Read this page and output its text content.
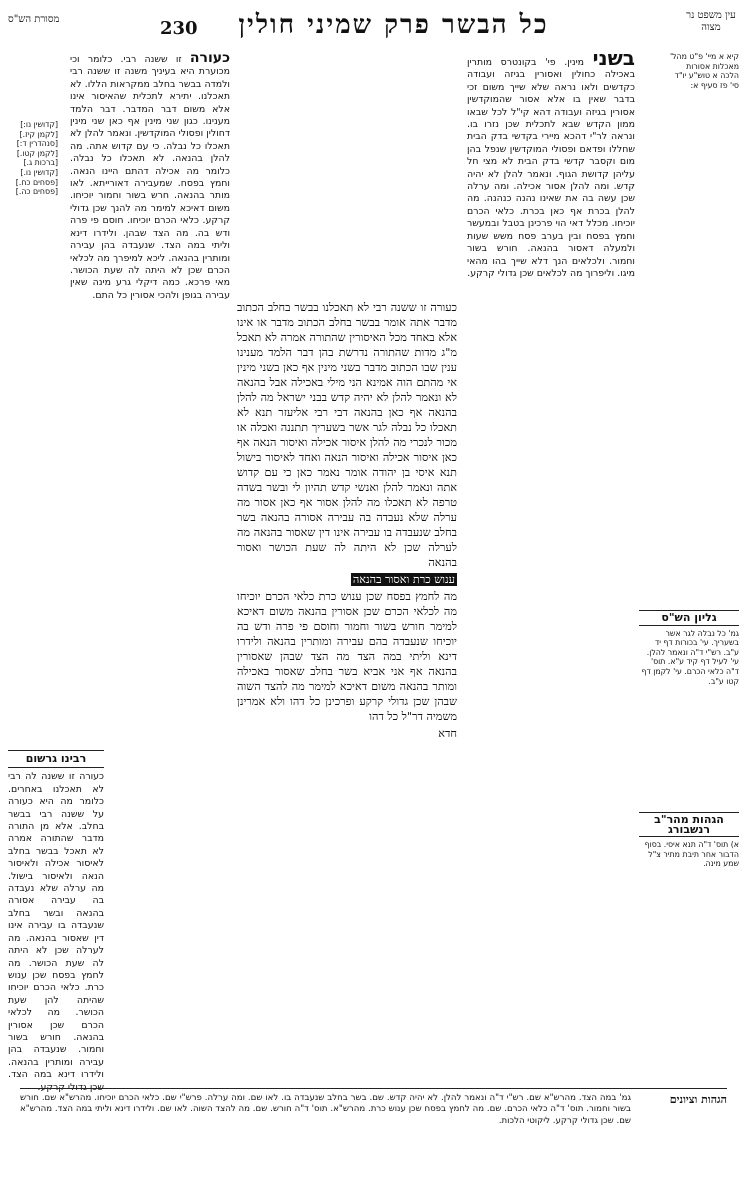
עין משפט נר מצוה
כל הבשר פרק שמיני חולין
230
מסורת הש"ס
קיא א מיי' פ"ט מהל' מאכלות אסורות הלכה א טוש"ע יו"ד סי' פז סעיף א:
גליון הש"ס
גמ' כל נבלה לגר אשר בשעריך. עי' בכורות דף יד ע"ב. רש"י ד"ה ונאמר להלן. עי' לעיל דף קיד ע"א. תוס' ד"ה כלאי הכרם. עי' לקמן דף קטו ע"ב.
הגהות מהר"ב רנשבורג
א) תוס' ד"ה תנא איסי. בסוף הדבור אחר תיבת מתיר צ"ל שמע מינה.
[קדושין נו:] [לקמן קיז.] [סנהדרין ד:] [לקמן קטו.] [ברכות ג.] [קדושין נו.] [פסחים כח.] [פסחים כה.]
בשני מינין. פי' בקונטרס מותרין באכילה כחולין ואסורין בגיזה ועבודה כקדשים ולאו נראה שלא שייך משום זכי בדבר שאין בו אלא אסור שהמוקדשין אסורין בגיזה ועבודה דהא קי"ל לכל שבאו ממון הקדש שבא לתכלית שכן נזרו בו. ונראה לר"י דהכא מיירי בקדשי בדק הבית שחללו ופדאם ופסולי המוקדשין שנפל בהן מום וקסבר קדשי בדק הבית לא מצי חל עליהן קדושת הגוף. ונאמר להלן לא יהיה קדש. ומה להלן אסור אכילה. ומה ערלה שכן עשה בה את שאינו נהנה כנהנה. מה להלן בכרת אף כאן בכרת. כלאי הכרם יוכיחו. מכלל דאי הוי פרכינן בטבל ובמעשר וחמץ בפסח ובין בערב פסח משש שעות ולמעלה דאסור בהנאה. חורש בשור וחמור. ולכלאים הנך דלא שייך בהו מהאי מיגו. וליפרוך מה לכלאים שכן גדולי קרקע.

כעורה זו ששנה רבי לא תאכלנו בבשר בחלב הכתוב מדבר אתה אומר בבשר בחלב הכתוב מדבר או אינו אלא באחד מכל האיסורין שהתורה אמרה לא תאכל מ"ג מדות שהתורה נדרשת בהן דבר הלמד מענינו ענין שבו הכתוב מדבר בשני מינין אף כאן בשני מינין אי מהתם הוה אמינא הני מילי באכילה אבל בהנאה לא ונאמר להלן לא יהיה קדש בבני ישראל מה להלן בהנאה אף כאן בהנאה דבי רבי אליעזר תנא לא תאכלו כל נבלה לגר אשר בשעריך תתננה ואכלה או מכור לנכרי מה להלן איסור אכילה ואיסור הנאה אף כאן איסור אכילה ואיסור הנאה ואחד לאיסור בישול תנא איסי בן יהודה אומר נאמר כאן כי עם קדוש אתה ונאמר להלן ואנשי קדש תהיון לי ובשר בשדה טרפה לא תאכלו מה להלן אסור אף כאן אסור מה ערלה שלא נעבדה בה עבירה אסורה בהנאה בשר בחלב שנעבדה בו עבירה אינו דין שאסור בהנאה מה לערלה שכן לא היתה לה שעת הכושר ואסור בהנאה

ענוש כרת ואסור בהנאה

מה לחמץ בפסח שכן ענוש כרת כלאי הכרם יוכיחו מה לכלאי הכרם שכן אסורין בהנאה משום דאיכא למימר חורש בשור וחמור וחוסם פי פרה ודש בה יוכיחו שנעבדה בהם עבירה ומותרין בהנאה ולידרו דינא וליתי במה הצד מה הצד שבהן שאסורין בהנאה אף אני אביא בשר בחלב שאסור באכילה ומותר בהנאה משום דאיכא למימר מה להצד השוה שבהן שכן גדולי קרקע ופרכינן כל דהו ולא אמרינן משמיה דר"ל כל דהו

חדא

כעורה זו ששנה רבי. כלומר וכי מכוערת היא בעיניך משנה זו ששנה רבי ולמדה בבשר בחלב ממקראות הללו. לא תאכלנו. יתירא לתכלית שהאיסור אינו אלא משום דבר המדבר. דבר הלמד מענינו. כגון שני מינין אף כאן שני מינין דחולין ופסולי המוקדשין. ונאמר להלן לא תאכלו כל נבלה. כי עם קדוש אתה. מה להלן בהנאה. לא תאכלו כל נבלה. כלומר מה אכילה דהתם היינו הנאה. וחמץ בפסח. שמעבירה דאורייתא. לאו מותר בהנאה. חרש בשור וחמור יוכיחו. משום דאיכא למימר מה להנך שכן גדולי קרקע. כלאי הכרם יוכיחו. חוסם פי פרה ודש בה. מה הצד שבהן. ולידרו דינא וליתי במה הצד. שנעבדה בהן עבירה ומותרין בהנאה. ליכא למיפרך מה לכלאי הכרם שכן לא היתה לה שעת הכושר. מאי פרכא. כמה דיקלי גרע מינה שאין עבירה בגופן ולהכי אסורין כל התם.
רבינו גרשום
כעורה זו ששנה לה רבי לא תאכלנו באחרים. כלומר מה היא כעורה על ששנה רבי בבשר בחלב. אלא מן התורה מדבר שהתורה אמרה לא תאכל בבשר בחלב לאיסור אכילה ולאיסור הנאה ולאיסור בישול. מה ערלה שלא נעבדה בה עבירה אסורה בהנאה ובשר בחלב שנעבדה בו עבירה אינו דין שאסור בהנאה. מה לערלה שכן לא היתה לה שעת הכושר. מה לחמץ בפסח שכן ענוש כרת. כלאי הכרם יוכיחו שהיתה להן שעת הכושר. מה לכלאי הכרם שכן אסורין בהנאה. חורש בשור וחמור. שנעבדה בהן עבירה ומותרין בהנאה. ולידרו דינא במה הצד. שכן גדולי קרקע.
הגהות וציונים
גמ' במה הצד. מהרש"א שם. רש"י ד"ה ונאמר להלן. לא יהיה קדש. שם. בשר בחלב שנעבדה בו. לאו שם. ומה ערלה. פרש"י שם. כלאי הכרם יוכיחו. מהרש"א שם. חורש בשור וחמור. תוס' ד"ה כלאי הכרם. שם. מה לחמץ בפסח שכן ענוש כרת. מהרש"א. תוס' ד"ה חורש. שם. מה להצד השוה. לאו שם. ולידרו דינא וליתי במה הצד. מהרש"א שם. שכן גדולי קרקע. ליקוטי הלכות.
